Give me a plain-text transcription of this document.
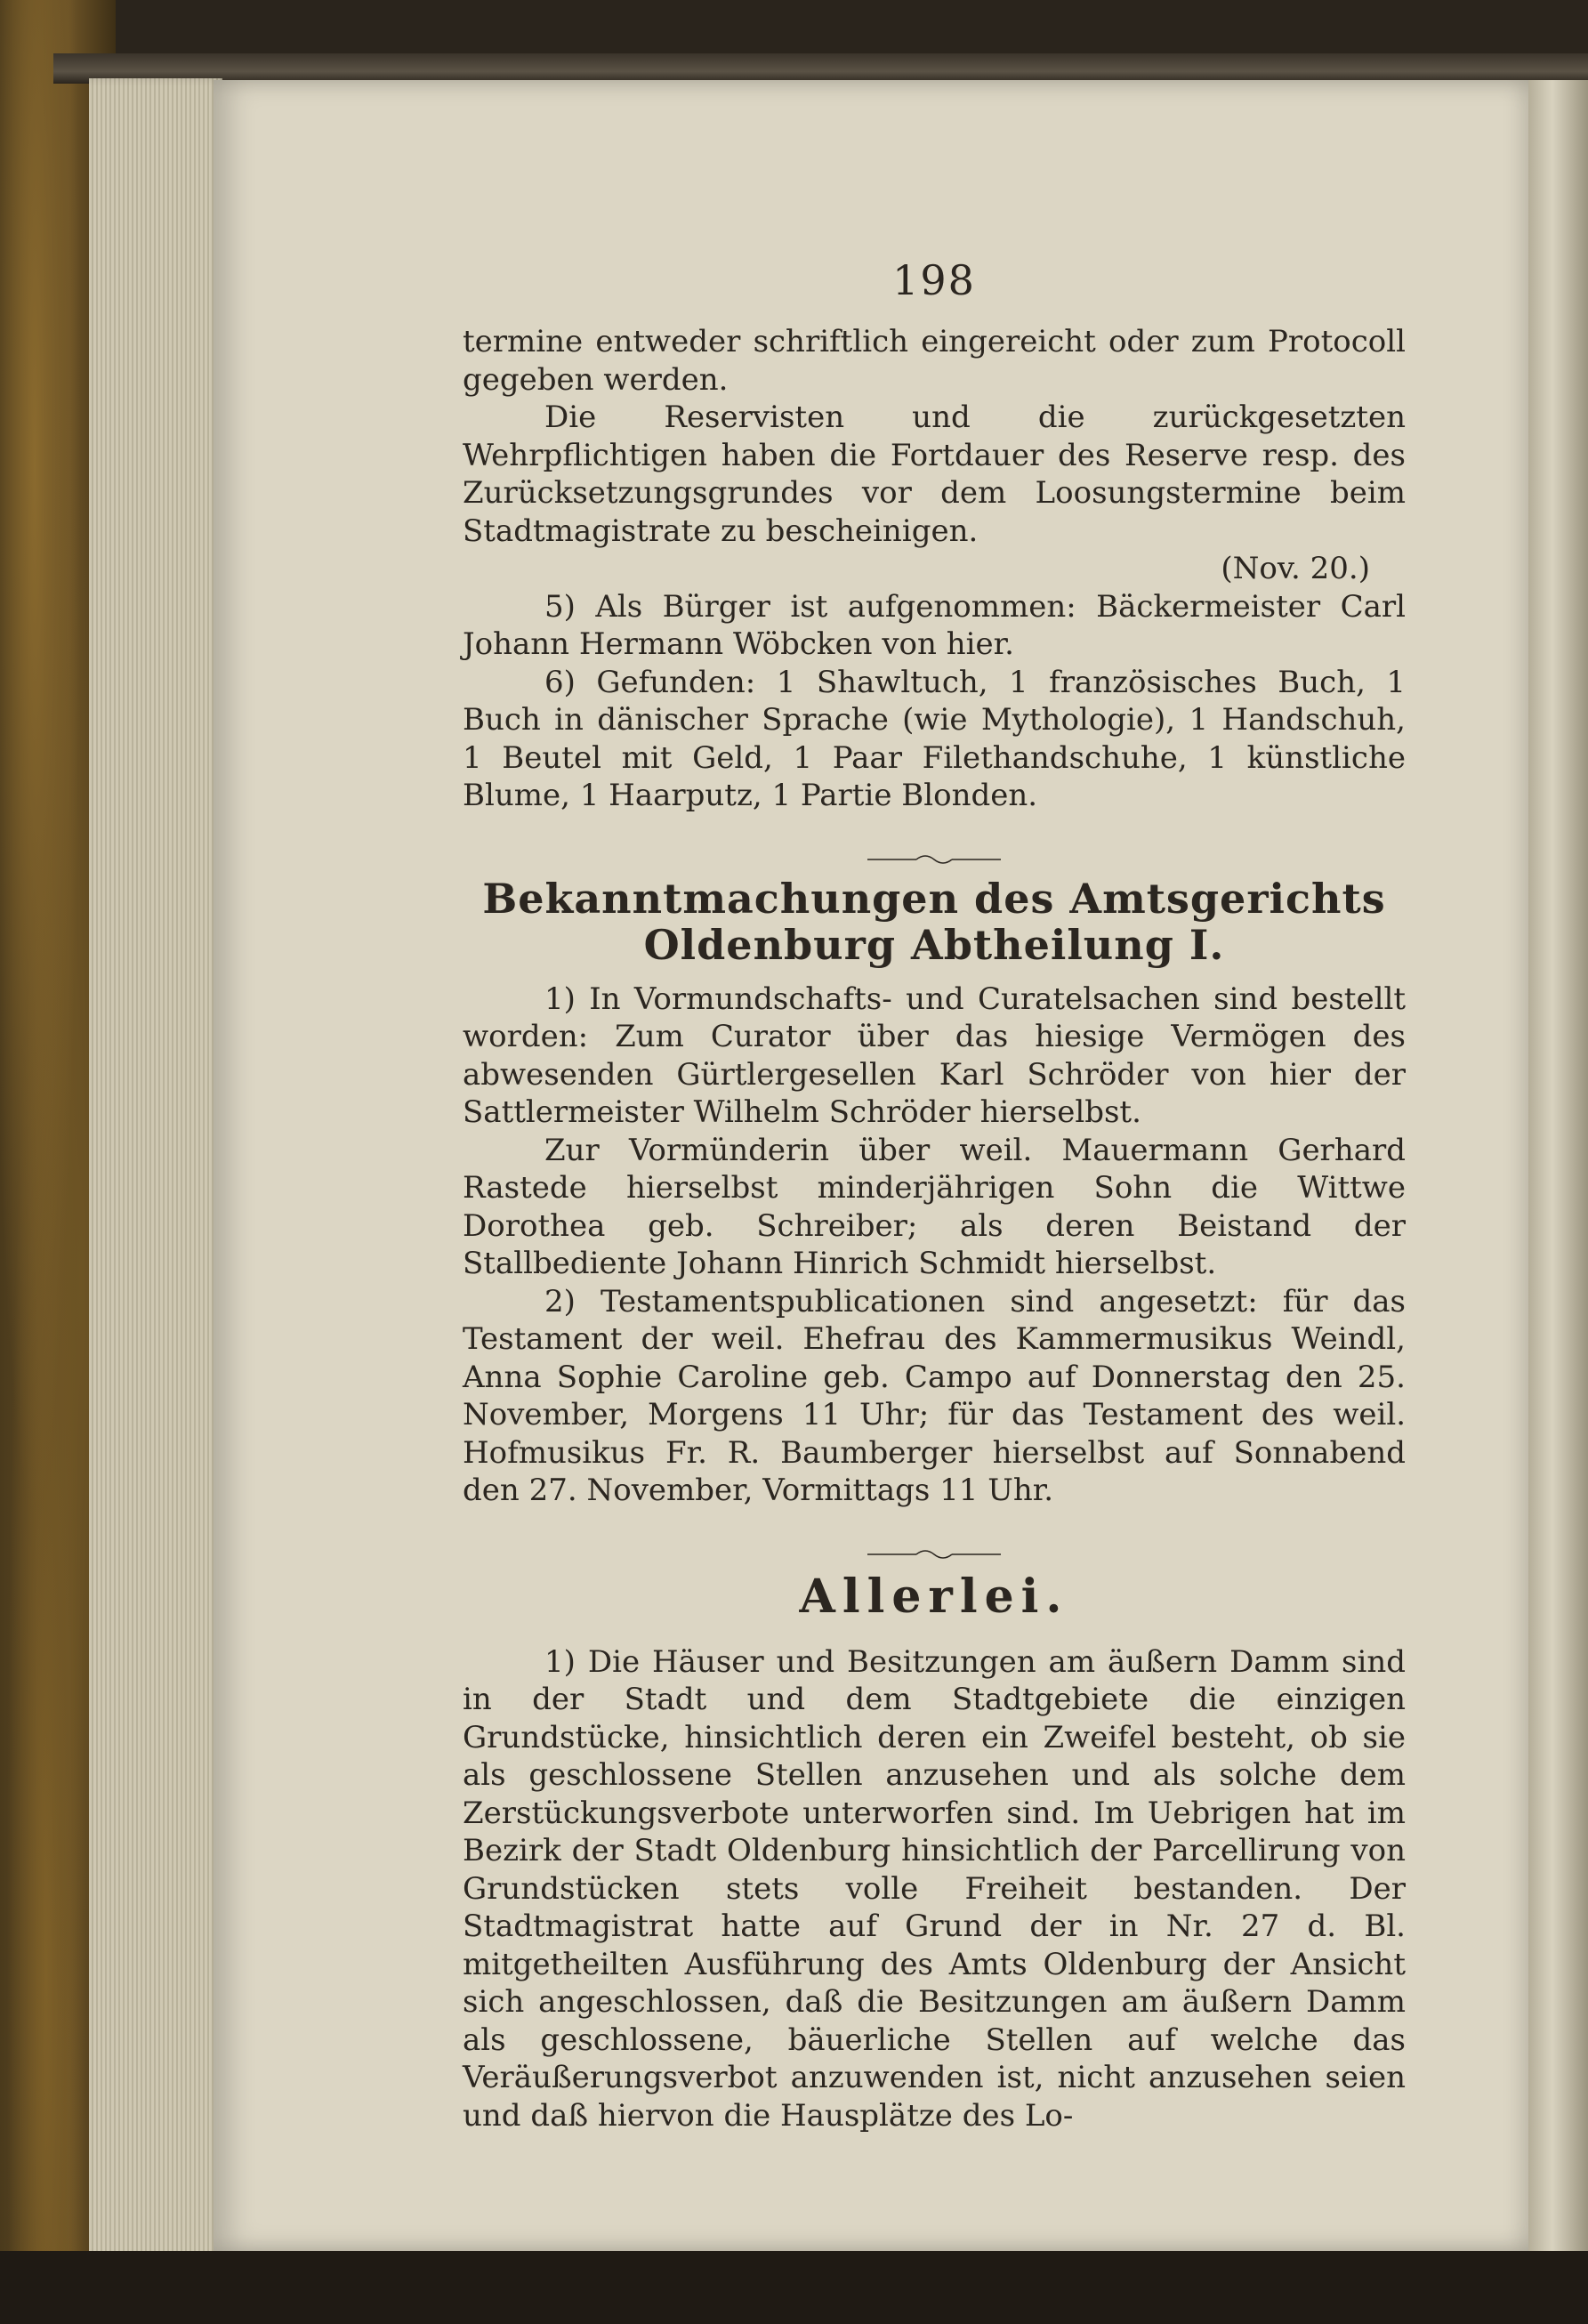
198

termine entweder schriftlich eingereicht oder zum Protocoll gegeben werden.

Die Reservisten und die zurückgesetzten Wehrpflichtigen haben die Fortdauer des Reserve resp. des Zurücksetzungsgrundes vor dem Loosungstermine beim Stadtmagistrate zu bescheinigen.

(Nov. 20.)

5) Als Bürger ist aufgenommen: Bäckermeister Carl Johann Hermann Wöbcken von hier.

6) Gefunden: 1 Shawltuch, 1 französisches Buch, 1 Buch in dänischer Sprache (wie Mythologie), 1 Handschuh, 1 Beutel mit Geld, 1 Paar Filethandschuhe, 1 künstliche Blume, 1 Haarputz, 1 Partie Blonden.

Bekanntmachungen des Amtsgerichts Oldenburg Abtheilung I.

1) In Vormundschafts- und Curatelsachen sind bestellt worden: Zum Curator über das hiesige Vermögen des abwesenden Gürtlergesellen Karl Schröder von hier der Sattlermeister Wilhelm Schröder hierselbst.

Zur Vormünderin über weil. Mauermann Gerhard Rastede hierselbst minderjährigen Sohn die Wittwe Dorothea geb. Schreiber; als deren Beistand der Stallbediente Johann Hinrich Schmidt hierselbst.

2) Testamentspublicationen sind angesetzt: für das Testament der weil. Ehefrau des Kammermusikus Weindl, Anna Sophie Caroline geb. Campo auf Donnerstag den 25. November, Morgens 11 Uhr; für das Testament des weil. Hofmusikus Fr. R. Baumberger hierselbst auf Sonnabend den 27. November, Vormittags 11 Uhr.

Allerlei.

1) Die Häuser und Besitzungen am äußern Damm sind in der Stadt und dem Stadtgebiete die einzigen Grundstücke, hinsichtlich deren ein Zweifel besteht, ob sie als geschlossene Stellen anzusehen und als solche dem Zerstückungsverbote unterworfen sind. Im Uebrigen hat im Bezirk der Stadt Oldenburg hinsichtlich der Parcellirung von Grundstücken stets volle Freiheit bestanden. Der Stadtmagistrat hatte auf Grund der in Nr. 27 d. Bl. mitgetheilten Ausführung des Amts Oldenburg der Ansicht sich angeschlossen, daß die Besitzungen am äußern Damm als geschlossene, bäuerliche Stellen auf welche das Veräußerungsverbot anzuwenden ist, nicht anzusehen seien und daß hiervon die Hausplätze des Lo-
